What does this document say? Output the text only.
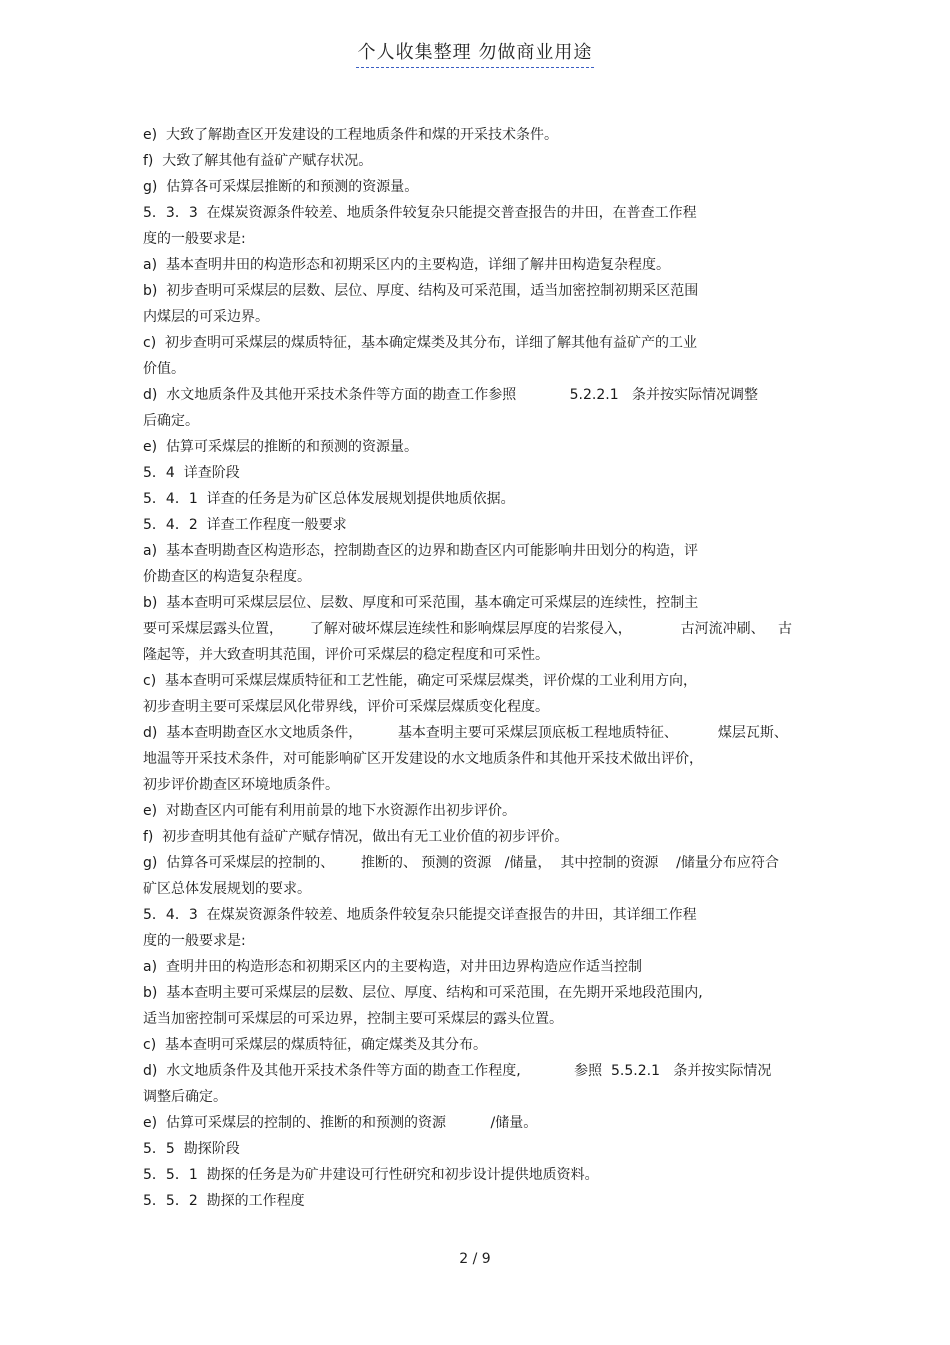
个人收集整理 勿做商业用途
e)  大致了解勘查区开发建设的工程地质条件和煤的开采技术条件。
f)  大致了解其他有益矿产赋存状况。
g)  估算各可采煤层推断的和预测的资源量。
5．3．3  在煤炭资源条件较差、地质条件较复杂只能提交普查报告的井田，在普查工作程
度的一般要求是:
a)  基本查明井田的构造形态和初期采区内的主要构造，详细了解井田构造复杂程度。
b)  初步查明可采煤层的层数、层位、厚度、结构及可采范围，适当加密控制初期采区范围
内煤层的可采边界。
c)  初步查明可采煤层的煤质特征，基本确定煤类及其分布，详细了解其他有益矿产的工业
价值。
d)  水文地质条件及其他开采技术条件等方面的勘查工作参照            5.2.2.1   条并按实际情况调整
后确定。
e)  估算可采煤层的推断的和预测的资源量。
5．4  详查阶段
5．4．1  详查的任务是为矿区总体发展规划提供地质依据。
5．4．2  详查工作程度一般要求
a)  基本查明勘查区构造形态，控制勘查区的边界和勘查区内可能影响井田划分的构造，评
价勘查区的构造复杂程度。
b)  基本查明可采煤层层位、层数、厚度和可采范围，基本确定可采煤层的连续性，控制主
要可采煤层露头位置，      了解对破坏煤层连续性和影响煤层厚度的岩浆侵入，           古河流冲刷、   古
隆起等，并大致查明其范围，评价可采煤层的稳定程度和可采性。
c)  基本查明可采煤层煤质特征和工艺性能，确定可采煤层煤类，评价煤的工业利用方向，
初步查明主要可采煤层风化带界线，评价可采煤层煤质变化程度。
d)  基本查明勘查区水文地质条件，        基本查明主要可采煤层顶底板工程地质特征、         煤层瓦斯、
地温等开采技术条件，对可能影响矿区开发建设的水文地质条件和其他开采技术做出评价，
初步评价勘查区环境地质条件。
e)  对勘查区内可能有利用前景的地下水资源作出初步评价。
f)  初步查明其他有益矿产赋存情况，做出有无工业价值的初步评价。
g)  估算各可采煤层的控制的、      推断的、 预测的资源   /储量，  其中控制的资源    /储量分布应符合
矿区总体发展规划的要求。
5．4．3  在煤炭资源条件较差、地质条件较复杂只能提交详查报告的井田，其详细工作程
度的一般要求是:
a)  查明井田的构造形态和初期采区内的主要构造，对井田边界构造应作适当控制
b)  基本查明主要可采煤层的层数、层位、厚度、结构和可采范围，在先期开采地段范围内,
适当加密控制可采煤层的可采边界，控制主要可采煤层的露头位置。
c)  基本查明可采煤层的煤质特征，确定煤类及其分布。
d)  水文地质条件及其他开采技术条件等方面的勘查工作程度,            参照  5.5.2.1   条并按实际情况
调整后确定。
e)  估算可采煤层的控制的、推断的和预测的资源          /储量。
5．5  勘探阶段
5．5．1  勘探的任务是为矿井建设可行性研究和初步设计提供地质资料。
5．5．2  勘探的工作程度
2 / 9
